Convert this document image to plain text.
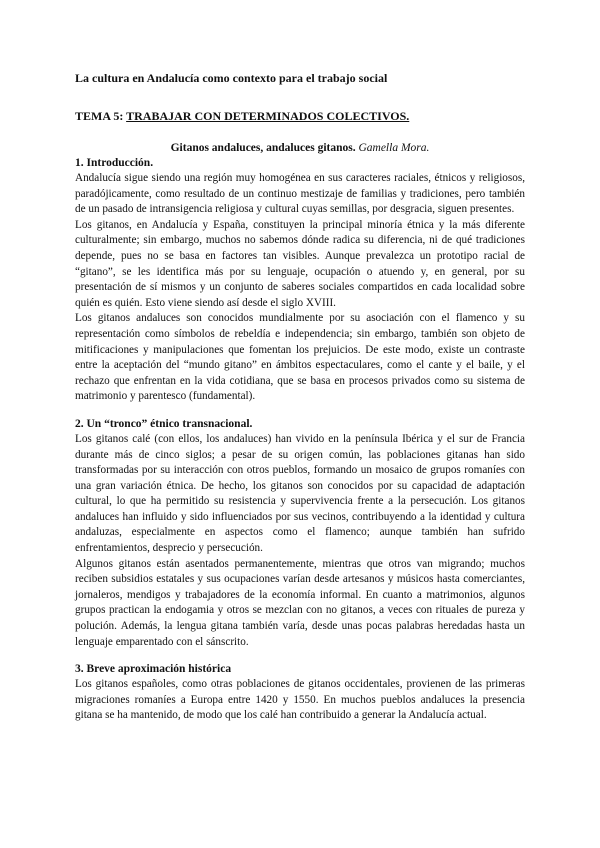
La cultura en Andalucía como contexto para el trabajo social

TEMA 5: TRABAJAR CON DETERMINADOS COLECTIVOS.

Gitanos andaluces, andaluces gitanos. Gamella Mora.

1. Introducción.

Andalucía sigue siendo una región muy homogénea en sus caracteres raciales, étnicos y religiosos, paradójicamente, como resultado de un continuo mestizaje de familias y tradiciones, pero también de un pasado de intransigencia religiosa y cultural cuyas semillas, por desgracia, siguen presentes.

Los gitanos, en Andalucía y España, constituyen la principal minoría étnica y la más diferente culturalmente; sin embargo, muchos no sabemos dónde radica su diferencia, ni de qué tradiciones depende, pues no se basa en factores tan visibles. Aunque prevalezca un prototipo racial de “gitano”, se les identifica más por su lenguaje, ocupación o atuendo y, en general, por su presentación de sí mismos y un conjunto de saberes sociales compartidos en cada localidad sobre quién es quién. Esto viene siendo así desde el siglo XVIII.

Los gitanos andaluces son conocidos mundialmente por su asociación con el flamenco y su representación como símbolos de rebeldía e independencia; sin embargo, también son objeto de mitificaciones y manipulaciones que fomentan los prejuicios. De este modo, existe un contraste entre la aceptación del “mundo gitano” en ámbitos espectaculares, como el cante y el baile, y el rechazo que enfrentan en la vida cotidiana, que se basa en procesos privados como su sistema de matrimonio y parentesco (fundamental).

2. Un “tronco” étnico transnacional.

Los gitanos calé (con ellos, los andaluces) han vivido en la península Ibérica y el sur de Francia durante más de cinco siglos; a pesar de su origen común, las poblaciones gitanas han sido transformadas por su interacción con otros pueblos, formando un mosaico de grupos romaníes con una gran variación étnica. De hecho, los gitanos son conocidos por su capacidad de adaptación cultural, lo que ha permitido su resistencia y supervivencia frente a la persecución. Los gitanos andaluces han influido y sido influenciados por sus vecinos, contribuyendo a la identidad y cultura andaluzas, especialmente en aspectos como el flamenco; aunque también han sufrido enfrentamientos, desprecio y persecución.

Algunos gitanos están asentados permanentemente, mientras que otros van migrando; muchos reciben subsidios estatales y sus ocupaciones varían desde artesanos y músicos hasta comerciantes, jornaleros, mendigos y trabajadores de la economía informal. En cuanto a matrimonios, algunos grupos practican la endogamia y otros se mezclan con no gitanos, a veces con rituales de pureza y polución. Además, la lengua gitana también varía, desde unas pocas palabras heredadas hasta un lenguaje emparentado con el sánscrito.

3. Breve aproximación histórica

Los gitanos españoles, como otras poblaciones de gitanos occidentales, provienen de las primeras migraciones romaníes a Europa entre 1420 y 1550. En muchos pueblos andaluces la presencia gitana se ha mantenido, de modo que los calé han contribuido a generar la Andalucía actual.
